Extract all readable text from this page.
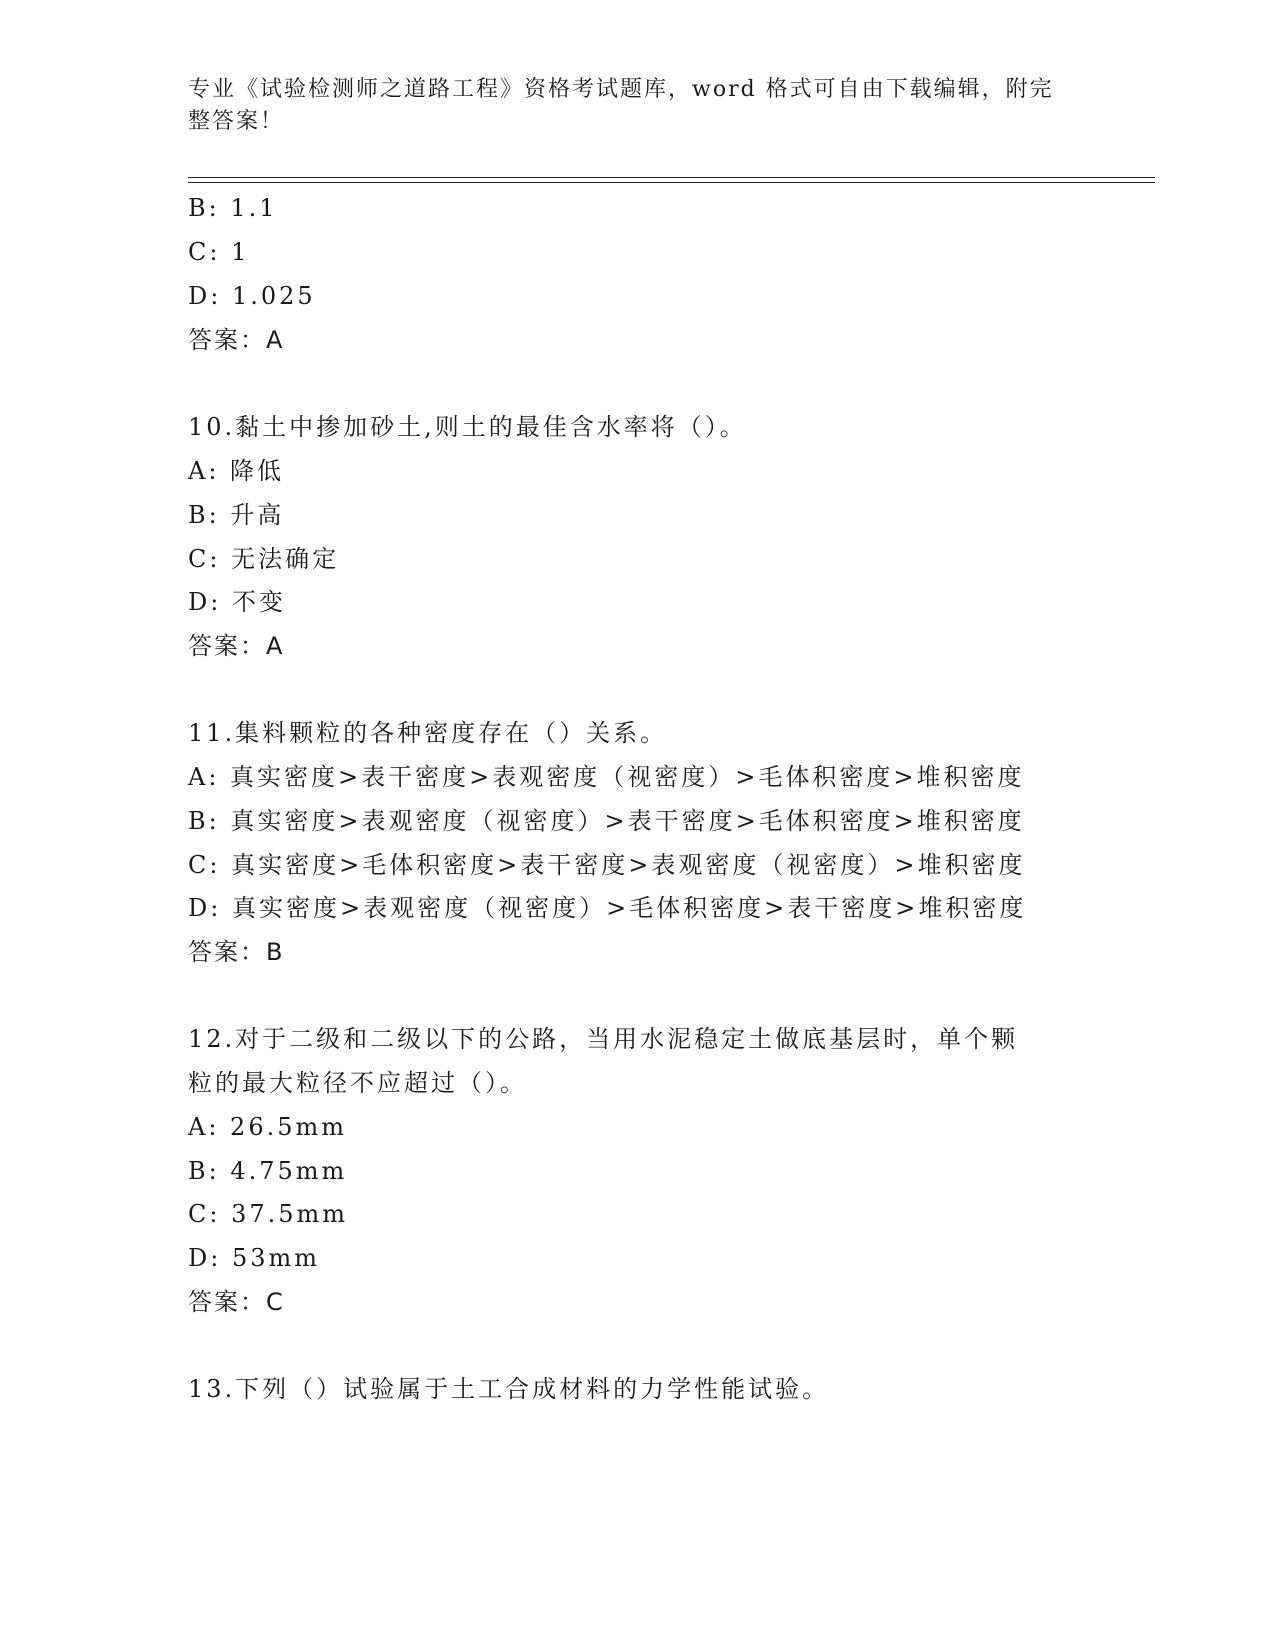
专业《试验检测师之道路工程》资格考试题库，word 格式可自由下载编辑，附完
整答案！
B: 1.1
C: 1
D: 1.025
答案：A
10.黏土中掺加砂土,则土的最佳含水率将（）。
A: 降低
B: 升高
C: 无法确定
D: 不变
答案：A
11.集料颗粒的各种密度存在（）关系。
A: 真实密度>表干密度>表观密度（视密度）>毛体积密度>堆积密度
B: 真实密度>表观密度（视密度）>表干密度>毛体积密度>堆积密度
C: 真实密度>毛体积密度>表干密度>表观密度（视密度）>堆积密度
D: 真实密度>表观密度（视密度）>毛体积密度>表干密度>堆积密度
答案：B
12.对于二级和二级以下的公路，当用水泥稳定土做底基层时，单个颗
粒的最大粒径不应超过（）。
A: 26.5mm
B: 4.75mm
C: 37.5mm
D: 53mm
答案：C
13.下列（）试验属于土工合成材料的力学性能试验。
